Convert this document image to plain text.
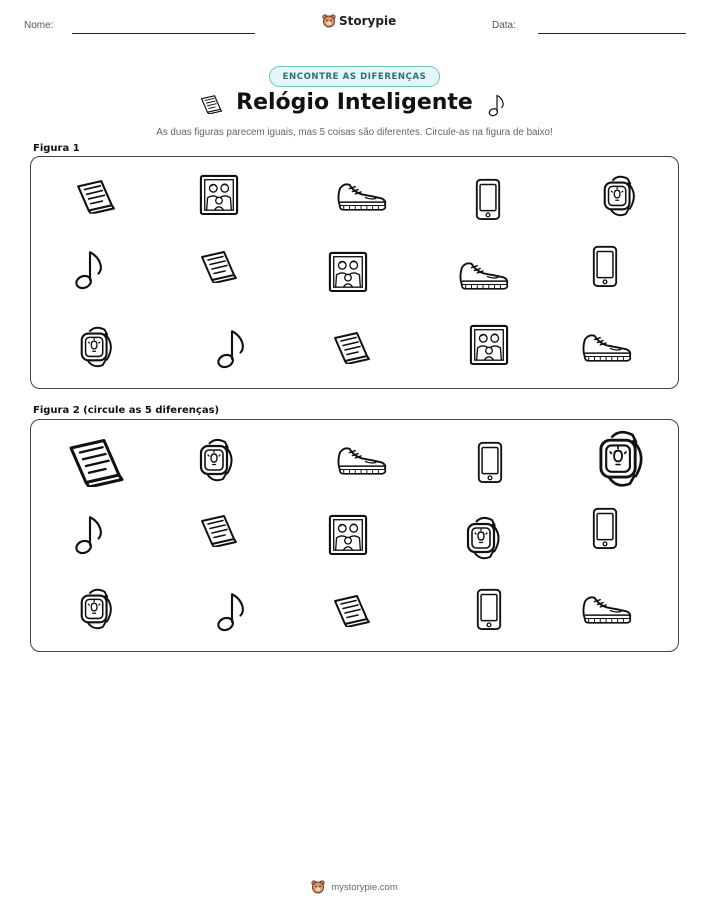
Nome:	Storypie	Data:
ENCONTRE AS DIFERENÇAS
Relógio Inteligente
As duas figuras parecem iguais, mas 5 coisas são diferentes. Circule-as na figura de baixo!
Figura 1
Figura 2 (circule as 5 diferenças)
mystorypie.com
